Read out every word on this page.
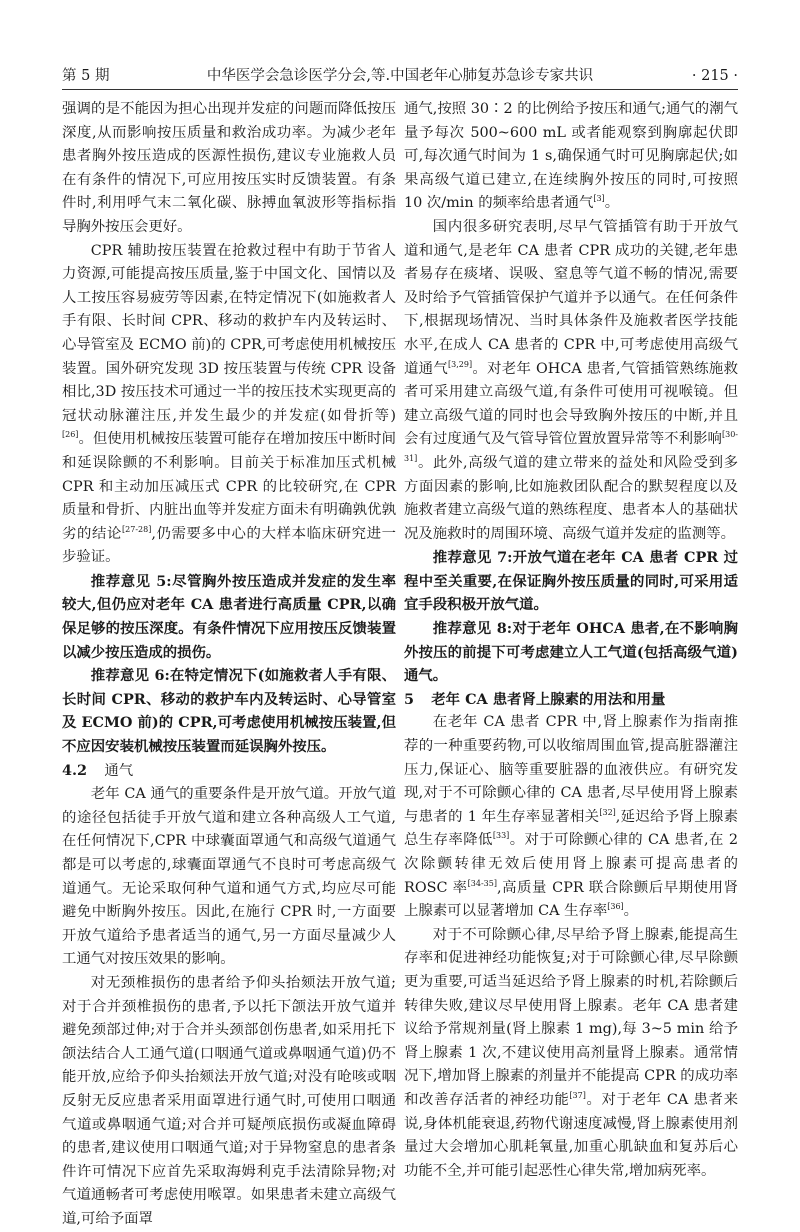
第 5 期	中华医学会急诊医学分会,等.中国老年心肺复苏急诊专家共识	· 215 ·

强调的是不能因为担心出现并发症的问题而降低按压深度,从而影响按压质量和救治成功率。为减少老年患者胸外按压造成的医源性损伤,建议专业施救人员在有条件的情况下,可应用按压实时反馈装置。有条件时,利用呼气末二氧化碳、脉搏血氧波形等指标指导胸外按压会更好。

CPR 辅助按压装置在抢救过程中有助于节省人力资源,可能提高按压质量,鉴于中国文化、国情以及人工按压容易疲劳等因素,在特定情况下(如施救者人手有限、长时间 CPR、移动的救护车内及转运时、心导管室及 ECMO 前)的 CPR,可考虑使用机械按压装置。国外研究发现 3D 按压装置与传统 CPR 设备相比,3D 按压技术可通过一半的按压技术实现更高的冠状动脉灌注压,并发生最少的并发症(如骨折等)[26]。但使用机械按压装置可能存在增加按压中断时间和延误除颤的不利影响。目前关于标准加压式机械 CPR 和主动加压减压式 CPR 的比较研究,在 CPR 质量和骨折、内脏出血等并发症方面未有明确孰优孰劣的结论[27-28],仍需要多中心的大样本临床研究进一步验证。

推荐意见 5:尽管胸外按压造成并发症的发生率较大,但仍应对老年 CA 患者进行高质量 CPR,以确保足够的按压深度。有条件情况下应用按压反馈装置以减少按压造成的损伤。

推荐意见 6:在特定情况下(如施救者人手有限、长时间 CPR、移动的救护车内及转运时、心导管室及 ECMO 前)的 CPR,可考虑使用机械按压装置,但不应因安装机械按压装置而延误胸外按压。

4.2 通气

老年 CA 通气的重要条件是开放气道。开放气道的途径包括徒手开放气道和建立各种高级人工气道,在任何情况下,CPR 中球囊面罩通气和高级气道通气都是可以考虑的,球囊面罩通气不良时可考虑高级气道通气。无论采取何种气道和通气方式,均应尽可能避免中断胸外按压。因此,在施行 CPR 时,一方面要开放气道给予患者适当的通气,另一方面尽量减少人工通气对按压效果的影响。

对无颈椎损伤的患者给予仰头抬颏法开放气道;对于合并颈椎损伤的患者,予以托下颌法开放气道并避免颈部过伸;对于合并头颈部创伤患者,如采用托下颌法结合人工通气道(口咽通气道或鼻咽通气道)仍不能开放,应给予仰头抬颏法开放气道;对没有呛咳或咽反射无反应患者采用面罩进行通气时,可使用口咽通气道或鼻咽通气道;对合并可疑颅底损伤或凝血障碍的患者,建议使用口咽通气道;对于异物窒息的患者条件许可情况下应首先采取海姆利克手法清除异物;对气道通畅者可考虑使用喉罩。如果患者未建立高级气道,可给予面罩

通气,按照 30∶2 的比例给予按压和通气;通气的潮气量予每次 500~600 mL 或者能观察到胸廓起伏即可,每次通气时间为 1 s,确保通气时可见胸廓起伏;如果高级气道已建立,在连续胸外按压的同时,可按照 10 次/min 的频率给患者通气[3]。

国内很多研究表明,尽早气管插管有助于开放气道和通气,是老年 CA 患者 CPR 成功的关键,老年患者易存在痰堵、误吸、窒息等气道不畅的情况,需要及时给予气管插管保护气道并予以通气。在任何条件下,根据现场情况、当时具体条件及施救者医学技能水平,在成人 CA 患者的 CPR 中,可考虑使用高级气道通气[3,29]。对老年 OHCA 患者,气管插管熟练施救者可采用建立高级气道,有条件可使用可视喉镜。但建立高级气道的同时也会导致胸外按压的中断,并且会有过度通气及气管导管位置放置异常等不利影响[30-31]。此外,高级气道的建立带来的益处和风险受到多方面因素的影响,比如施救团队配合的默契程度以及施救者建立高级气道的熟练程度、患者本人的基础状况及施救时的周围环境、高级气道并发症的监测等。

推荐意见 7:开放气道在老年 CA 患者 CPR 过程中至关重要,在保证胸外按压质量的同时,可采用适宜手段积极开放气道。

推荐意见 8:对于老年 OHCA 患者,在不影响胸外按压的前提下可考虑建立人工气道(包括高级气道)通气。

5 老年 CA 患者肾上腺素的用法和用量

在老年 CA 患者 CPR 中,肾上腺素作为指南推荐的一种重要药物,可以收缩周围血管,提高脏器灌注压力,保证心、脑等重要脏器的血液供应。有研究发现,对于不可除颤心律的 CA 患者,尽早使用肾上腺素与患者的 1 年生存率显著相关[32],延迟给予肾上腺素总生存率降低[33]。对于可除颤心律的 CA 患者,在 2 次除颤转律无效后使用肾上腺素可提高患者的 ROSC 率[34-35],高质量 CPR 联合除颤后早期使用肾上腺素可以显著增加 CA 生存率[36]。

对于不可除颤心律,尽早给予肾上腺素,能提高生存率和促进神经功能恢复;对于可除颤心律,尽早除颤更为重要,可适当延迟给予肾上腺素的时机,若除颤后转律失败,建议尽早使用肾上腺素。老年 CA 患者建议给予常规剂量(肾上腺素 1 mg),每 3~5 min 给予肾上腺素 1 次,不建议使用高剂量肾上腺素。通常情况下,增加肾上腺素的剂量并不能提高 CPR 的成功率和改善存活者的神经功能[37]。对于老年 CA 患者来说,身体机能衰退,药物代谢速度减慢,肾上腺素使用剂量过大会增加心肌耗氧量,加重心肌缺血和复苏后心功能不全,并可能引起恶性心律失常,增加病死率。
